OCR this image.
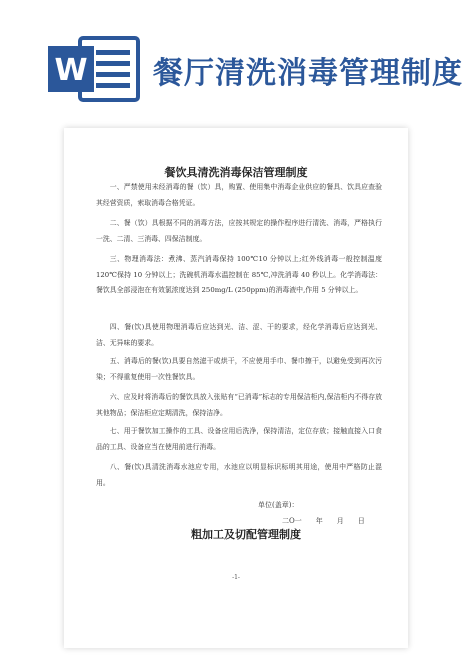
W 餐厅清洗消毒管理制度
餐饮具清洗消毒保洁管理制度
一、严禁使用未经消毒的餐（饮）具，购置、使用集中消毒企业供应的餐具、饮具应查验其经营资质，索取消毒合格凭证。
二、餐（饮）具根据不同的消毒方法，应按其规定的操作程序进行清洗、消毒，严格执行一洗、二清、三消毒、四保洁制度。
三、物理消毒法：煮沸、蒸汽消毒保持 100℃10 分钟以上;红外线消毒一般控制温度 120℃保持 10 分钟以上；洗碗机消毒水温控制在 85℃,冲洗消毒 40 秒以上。化学消毒法：餐饮具全部浸泡在有效氯浓度达到 250mg/L (250ppm)的消毒液中,作用 5 分钟以上。
四、餐(饮)具使用物理消毒后应达到光、洁、涩、干的要求，经化学消毒后应达到光、洁、无异味的要求。
五、消毒后的餐(饮)具要自然滤干或烘干，不应使用手巾、餐巾擦干，以避免受到再次污染；不得重复使用一次性餐饮具。
六、应及时将消毒后的餐饮具放入张贴有“已消毒”标志的专用保洁柜内,保洁柜内不得存放其他物品；保洁柜应定期清洗，保持洁净。
七、用于餐饮加工操作的工具、设备应用后洗净，保持清洁，定位存放；接触直接入口食品的工具、设备应当在使用前进行消毒。
八、餐(饮)具清洗消毒水池应专用，水池应以明显标识标明其用途，使用中严格防止混用。
单位(盖章)：
二O一　　年　　月　　日
粗加工及切配管理制度
-1-
